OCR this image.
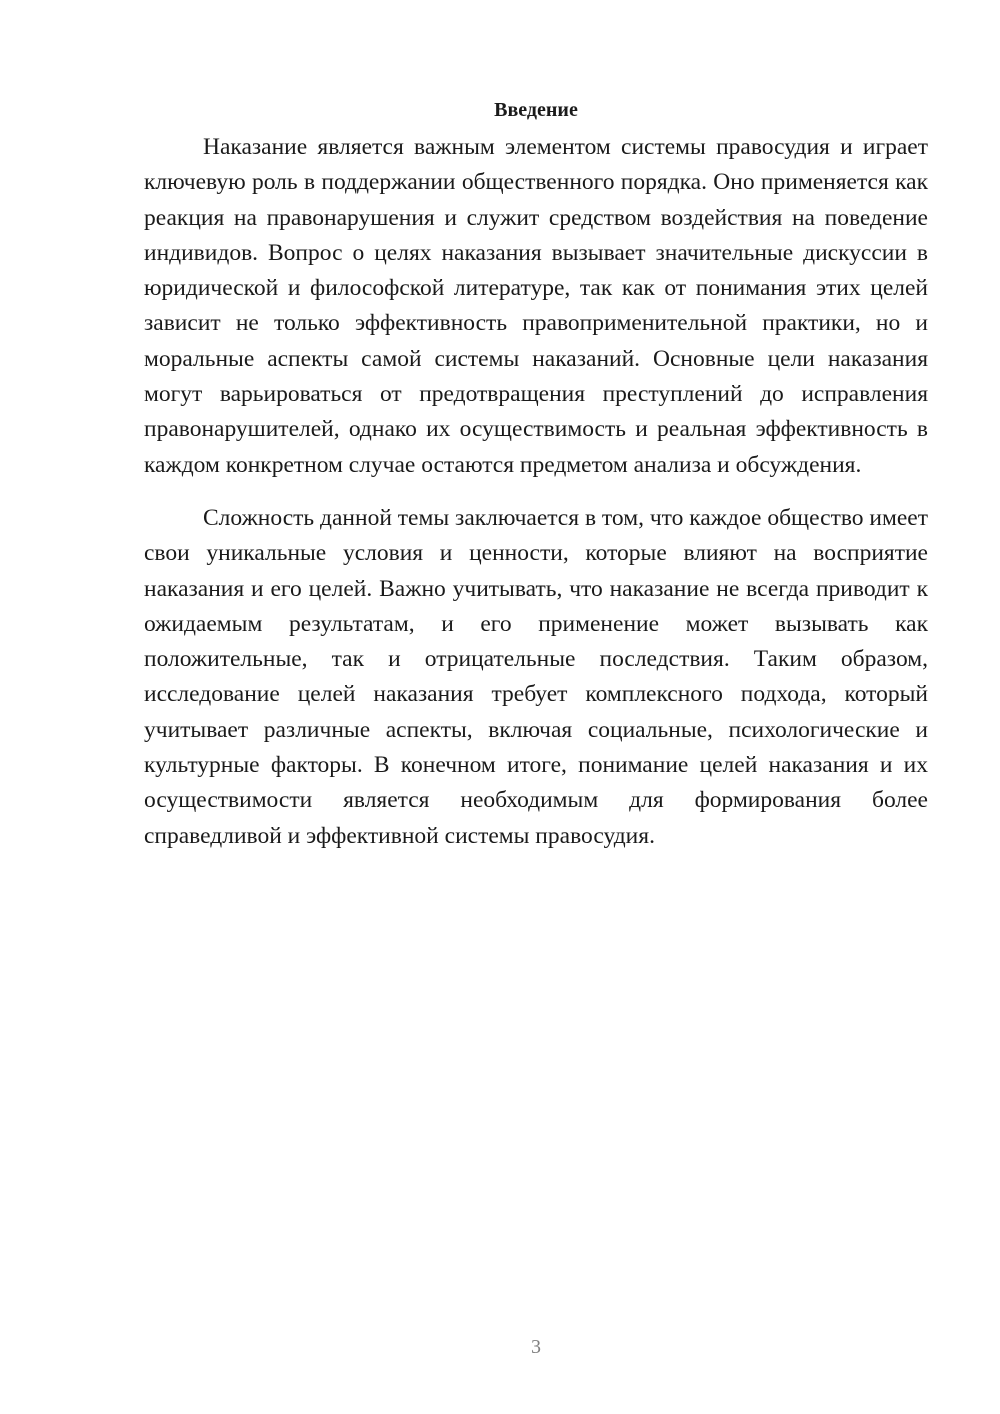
Введение

Наказание является важным элементом системы правосудия и играет ключевую роль в поддержании общественного порядка. Оно применяется как реакция на правонарушения и служит средством воздействия на поведение индивидов. Вопрос о целях наказания вызывает значительные дискуссии в юридической и философской литературе, так как от понимания этих целей зависит не только эффективность правоприменительной практики, но и моральные аспекты самой системы наказаний. Основные цели наказания могут варьироваться от предотвращения преступлений до исправления правонарушителей, однако их осуществимость и реальная эффективность в каждом конкретном случае остаются предметом анализа и обсуждения.

Сложность данной темы заключается в том, что каждое общество имеет свои уникальные условия и ценности, которые влияют на восприятие наказания и его целей. Важно учитывать, что наказание не всегда приводит к ожидаемым результатам, и его применение может вызывать как положительные, так и отрицательные последствия. Таким образом, исследование целей наказания требует комплексного подхода, который учитывает различные аспекты, включая социальные, психологические и культурные факторы. В конечном итоге, понимание целей наказания и их осуществимости является необходимым для формирования более справедливой и эффективной системы правосудия.

3
